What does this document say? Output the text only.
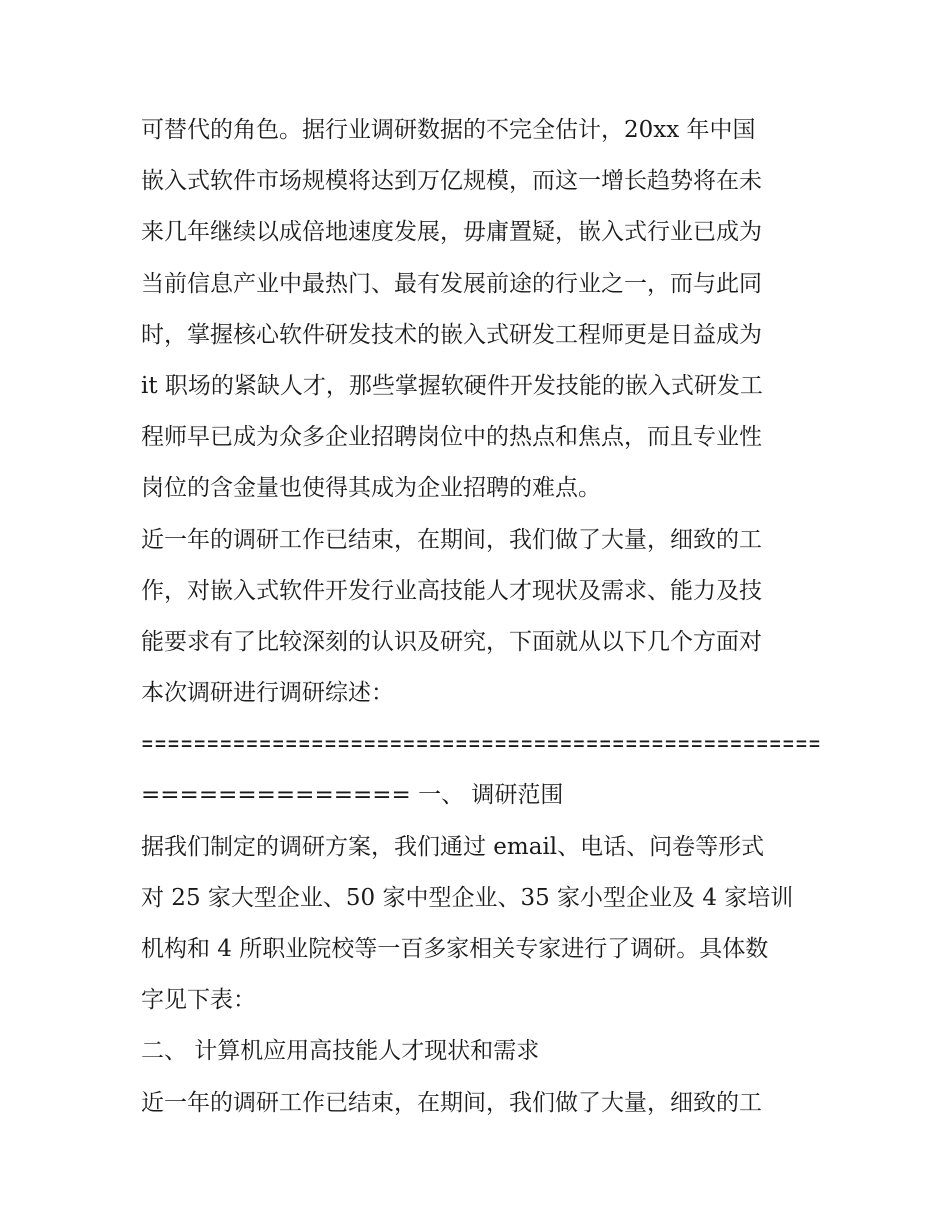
可替代的角色。据行业调研数据的不完全估计，20xx 年中国
嵌入式软件市场规模将达到万亿规模，而这一增长趋势将在未
来几年继续以成倍地速度发展，毋庸置疑，嵌入式行业已成为
当前信息产业中最热门、最有发展前途的行业之一，而与此同
时，掌握核心软件研发技术的嵌入式研发工程师更是日益成为
it 职场的紧缺人才，那些掌握软硬件开发技能的嵌入式研发工
程师早已成为众多企业招聘岗位中的热点和焦点，而且专业性
岗位的含金量也使得其成为企业招聘的难点。
近一年的调研工作已结束，在期间，我们做了大量，细致的工
作，对嵌入式软件开发行业高技能人才现状及需求、能力及技
能要求有了比较深刻的认识及研究，下面就从以下几个方面对
本次调研进行调研综述：
====================================================
============== 一、 调研范围
据我们制定的调研方案，我们通过 email、电话、问卷等形式
对 25 家大型企业、50 家中型企业、35 家小型企业及 4 家培训
机构和 4 所职业院校等一百多家相关专家进行了调研。具体数
字见下表：
二、 计算机应用高技能人才现状和需求
近一年的调研工作已结束，在期间，我们做了大量，细致的工
